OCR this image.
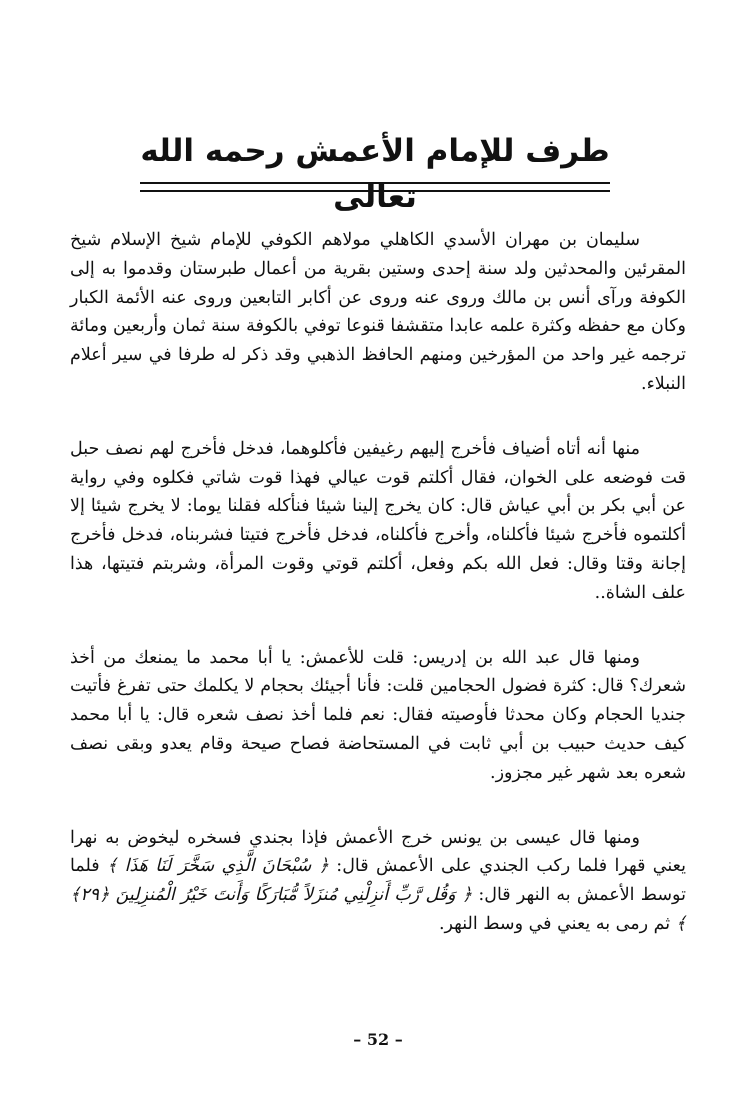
طرف للإمام الأعمش رحمه الله تعالى

سليمان بن مهران الأسدي الكاهلي مولاهم الكوفي للإمام شيخ الإسلام شيخ المقرئين والمحدثين ولد سنة إحدى وستين بقرية من أعمال طبرستان وقدموا به إلى الكوفة ورآى أنس بن مالك وروى عنه وروى عن أكابر التابعين وروى عنه الأئمة الكبار وكان مع حفظه وكثرة علمه عابدا متقشفا قنوعا توفي بالكوفة سنة ثمان وأربعين ومائة ترجمه غير واحد من المؤرخين ومنهم الحافظ الذهبي وقد ذكر له طرفا في سير أعلام النبلاء.

منها أنه أتاه أضياف فأخرج إليهم رغيفين فأكلوهما، فدخل فأخرج لهم نصف حبل قت فوضعه على الخوان، فقال أكلتم قوت عيالي فهذا قوت شاتي فكلوه وفي رواية عن أبي بكر بن أبي عياش قال: كان يخرج إلينا شيئا فنأكله فقلنا يوما: لا يخرج شيئا إلا أكلتموه فأخرج شيئا فأكلناه، وأخرج فأكلناه، فدخل فأخرج فتيتا فشربناه، فدخل فأخرج إجانة وقتا وقال: فعل الله بكم وفعل، أكلتم قوتي وقوت المرأة، وشربتم فتيتها، هذا علف الشاة..

ومنها قال عبد الله بن إدريس: قلت للأعمش: يا أبا محمد ما يمنعك من أخذ شعرك؟ قال: كثرة فضول الحجامين قلت: فأنا أجيئك بحجام لا يكلمك حتى تفرغ فأتيت جنديا الحجام وكان محدثا فأوصيته فقال: نعم فلما أخذ نصف شعره قال: يا أبا محمد كيف حديث حبيب بن أبي ثابت في المستحاضة فصاح صيحة وقام يعدو وبقى نصف شعره بعد شهر غير مجزوز.

ومنها قال عيسى بن يونس خرج الأعمش فإذا بجندي فسخره ليخوض به نهرا يعني قهرا فلما ركب الجندي على الأعمش قال: ﴿ سُبْحَانَ الَّذِي سَخَّرَ لَنَا هَذَا ﴾ فلما توسط الأعمش به النهر قال: ﴿ وَقُل رَّبِّ أَنزِلْنِي مُنزَلاً مُّبَارَكًا وَأَنتَ خَيْرُ الْمُنزِلِينَ ﴿٢٩﴾ ﴾ ثم رمى به يعني في وسط النهر.

– 52 –
